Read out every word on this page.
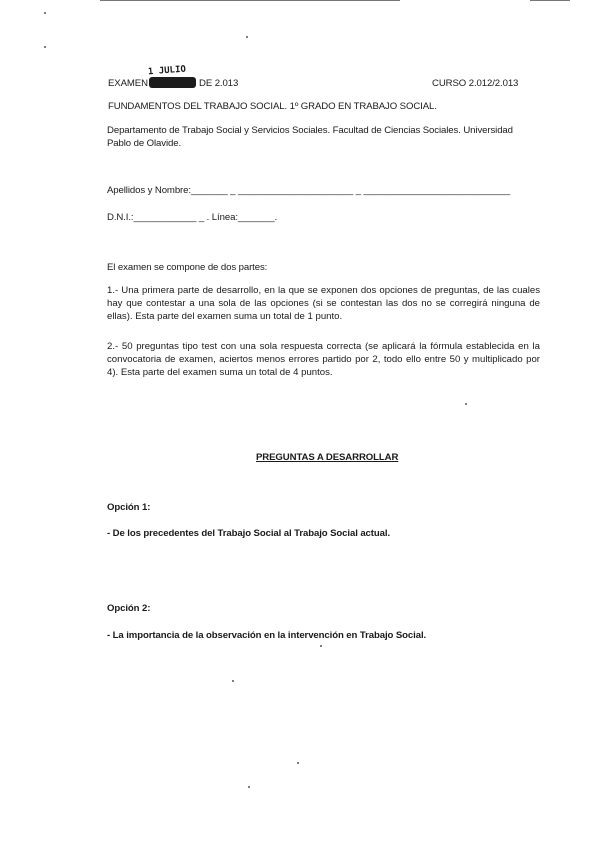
1 JULIO
EXAMEN	DE 2.013	CURSO 2.012/2.013
FUNDAMENTOS DEL TRABAJO SOCIAL. 1º GRADO EN TRABAJO SOCIAL.
Departamento de Trabajo Social y Servicios Sociales. Facultad de Ciencias Sociales. Universidad
Pablo de Olavide.
Apellidos y Nombre:_______ _ ______________________ _ ____________________________
D.N.I.:____________ _ . Línea:_______.
El examen se compone de dos partes:
1.- Una primera parte de desarrollo, en la que se exponen dos opciones de preguntas, de las cuales hay que contestar a una sola de las opciones (si se contestan las dos no se corregirá ninguna de ellas). Esta parte del examen suma un total de 1 punto.
2.- 50 preguntas tipo test con una sola respuesta correcta (se aplicará la fórmula establecida en la convocatoria de examen, aciertos menos errores partido por 2, todo ello entre 50 y multiplicado por 4). Esta parte del examen suma un total de 4 puntos.
PREGUNTAS A DESARROLLAR
Opción 1:
- De los precedentes del Trabajo Social al Trabajo Social actual.
Opción 2:
- La importancia de la observación en la intervención en Trabajo Social.
